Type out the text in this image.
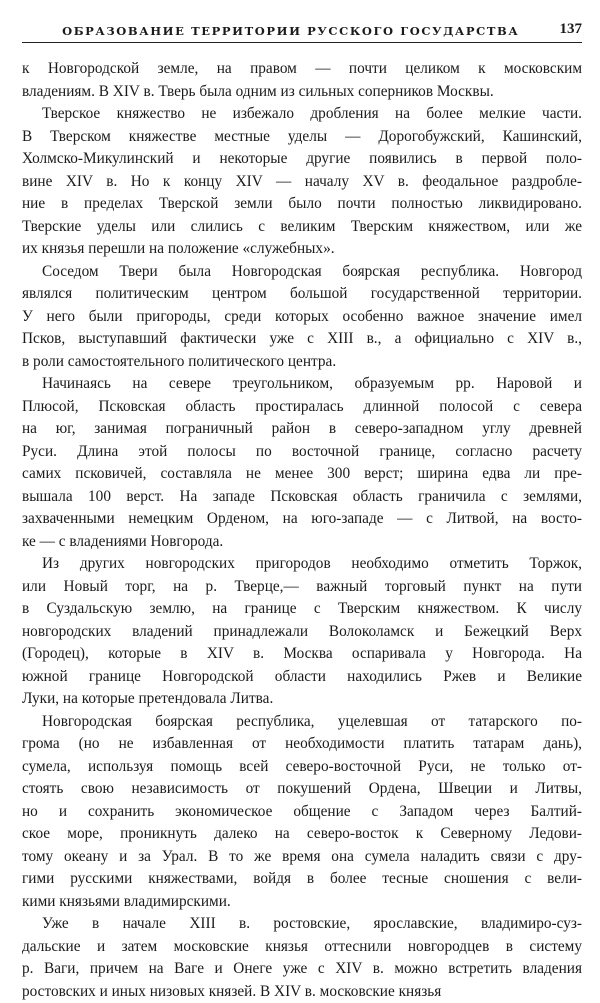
ОБРАЗОВАНИЕ ТЕРРИТОРИИ РУССКОГО ГОСУДАРСТВА	137
к Новгородской земле, на правом — почти целиком к московским
владениям. В XIV в. Тверь была одним из сильных соперников Москвы.
Тверское княжество не избежало дробления на более мелкие части.
В Тверском княжестве местные уделы — Дорогобужский, Кашинский,
Холмско-Микулинский и некоторые другие появились в первой поло-
вине XIV в. Но к концу XIV — началу XV в. феодальное раздробле-
ние в пределах Тверской земли было почти полностью ликвидировано.
Тверские уделы или слились с великим Тверским княжеством, или же
их князья перешли на положение «служебных».
Соседом Твери была Новгородская боярская республика. Новгород
являлся политическим центром большой государственной территории.
У него были пригороды, среди которых особенно важное значение имел
Псков, выступавший фактически уже с XIII в., а официально с XIV в.,
в роли самостоятельного политического центра.
Начинаясь на севере треугольником, образуемым рр. Наровой и
Плюсой, Псковская область простиралась длинной полосой с севера
на юг, занимая пограничный район в северо-западном углу древней
Руси. Длина этой полосы по восточной границе, согласно расчету
самих псковичей, составляла не менее 300 верст; ширина едва ли пре-
вышала 100 верст. На западе Псковская область граничила с землями,
захваченными немецким Орденом, на юго-западе — с Литвой, на восто-
ке — с владениями Новгорода.
Из других новгородских пригородов необходимо отметить Торжок,
или Новый торг, на р. Тверце,— важный торговый пункт на пути
в Суздальскую землю, на границе с Тверским княжеством. К числу
новгородских владений принадлежали Волоколамск и Бежецкий Верх
(Городец), которые в XIV в. Москва оспаривала у Новгорода. На
южной границе Новгородской области находились Ржев и Великие
Луки, на которые претендовала Литва.
Новгородская боярская республика, уцелевшая от татарского по-
грома (но не избавленная от необходимости платить татарам дань),
сумела, используя помощь всей северо-восточной Руси, не только от-
стоять свою независимость от покушений Ордена, Швеции и Литвы,
но и сохранить экономическое общение с Западом через Балтий-
ское море, проникнуть далеко на северо-восток к Северному Ледови-
тому океану и за Урал. В то же время она сумела наладить связи с дру-
гими русскими княжествами, войдя в более тесные сношения с вели-
кими князьями владимирскими.
Уже в начале XIII в. ростовские, ярославские, владимиро-суз-
дальские и затем московские князья оттеснили новгородцев в систему
р. Ваги, причем на Ваге и Онеге уже с XIV в. можно встретить владения
ростовских и иных низовых князей. В XIV в. московские князья
